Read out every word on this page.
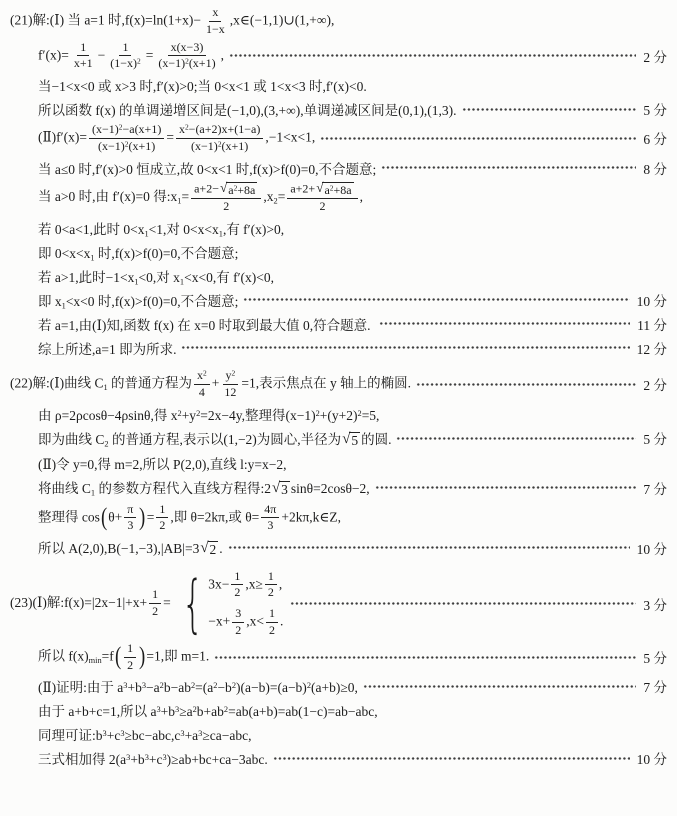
(21)解:(Ⅰ) 当 a=1 时$,f(x)=\ln(1+x)- \frac{x}{1-x}$ ,x∈(−1,1)∪(1,+∞),
$f'(x)= \frac{1}{x+1} - \frac{1}{(1-x)^2} = \frac{x(x-3)}{(x-1)^2(x+1)}$ ,	2 分
当−1<x<0 或 x>3 时,f′(x)>0;当 0<x<1 或 1<x<3 时,f′(x)<0.
所以函数 f(x) 的单调递增区间是(−1,0),(3,+∞),单调递减区间是(0,1),(1,3).	5 分
(Ⅱ)f′(x)= $\frac{(x-1)^2-a(x+1)}{(x-1)^2(x+1)} = \frac{x^2-(a+2)x+(1-a)}{(x-1)^2(x+1)} ,-1<x<1$,	6 分
当 a≤0 时,f′(x)>0 恒成立,故 0<x<1 时,f(x)>f(0)=0,不合题意;	8 分
当 a>0 时,由 f′(x)=0 得$:x_1= \frac{a+2- √ a^2+8a}{2} ,x_2= \frac{a+2+ √ a^2+8a}{2}$ ,
若 0<a<1,此时 $0<x_1<1$,对 $0<x<x_1$,有 f′(x)>0,
即 $0<x<x_1$ 时,f(x)>f(0)=0,不合题意;
若 a>1,此时$-1<x_1<0$,对 $x_1<x<0$,有 f′(x)<0,
即 $x_1<x<0$ 时,f(x)>f(0)=0,不合题意;	10 分
若 a=1,由(Ⅰ)知,函数 f(x) 在 x=0 时取到最大值 0,符合题意.	11 分
综上所述,a=1 即为所求.	12 分
(22)解:(Ⅰ)曲线 $C_1$ 的普通方程为 $\frac{x^2}{4} + \frac{y^2}{12} =1$,表示焦点在 y 轴上的椭圆.	2 分
由 ρ=2ρcosθ−4ρsinθ,得 $x^2+y^2=2x-4y$,整理得$(x-1)^2+(y+2)^2=5$,
即为曲线 $C_2$ 的普通方程,表示以(1,−2)为圆心,半径为 √ 5 的圆.	5 分
(Ⅱ)令 y=0,得 m=2,所以 P(2,0),直线 l:y=x−2,
将曲线 $C_1$ 的参数方程代入直线方程得:2 √ 3 sinθ=2cosθ−2,	7 分
整理得 cos ( $\theta+ \frac{\pi}{3}$ ) = $\frac{1}{2}$ ,即 θ=2kπ,或 $\theta= \frac{4\pi}{3}$ +2kπ,k∈Z,
所以 A(2,0),B(−1,−3),|AB|=3 √ 2 .	10 分
(23)(Ⅰ)解:f(x)=|2x−1|+x+ $\frac{1}{2}$ = { $3x- \frac{1}{2} ,x\ge \frac{1}{2}$ ,
$-x+ \frac{3}{2} ,x< \frac{1}{2}$ .
3 分
所以 $f(x)_{min}=f$ ( $\frac{1}{2}$ ) =1,即 m=1.	5 分
(Ⅱ)证明:由于 $a^3+b^3-a^2b-ab^2=(a^2-b^2)(a-b)=(a-b)^2(a+b)\ge 0$,	7 分
由于 a+b+c=1,所以 $a^3+b^3\ge a^2b+ab^2=ab(a+b)=ab(1-c)=ab-abc$,
同理可证$:b^3+c^3\ge bc-abc,c^3+a^3\ge ca-abc$,
三式相加得 $2(a^3+b^3+c^3)\ge ab+bc+ca-3abc$.	10 分
